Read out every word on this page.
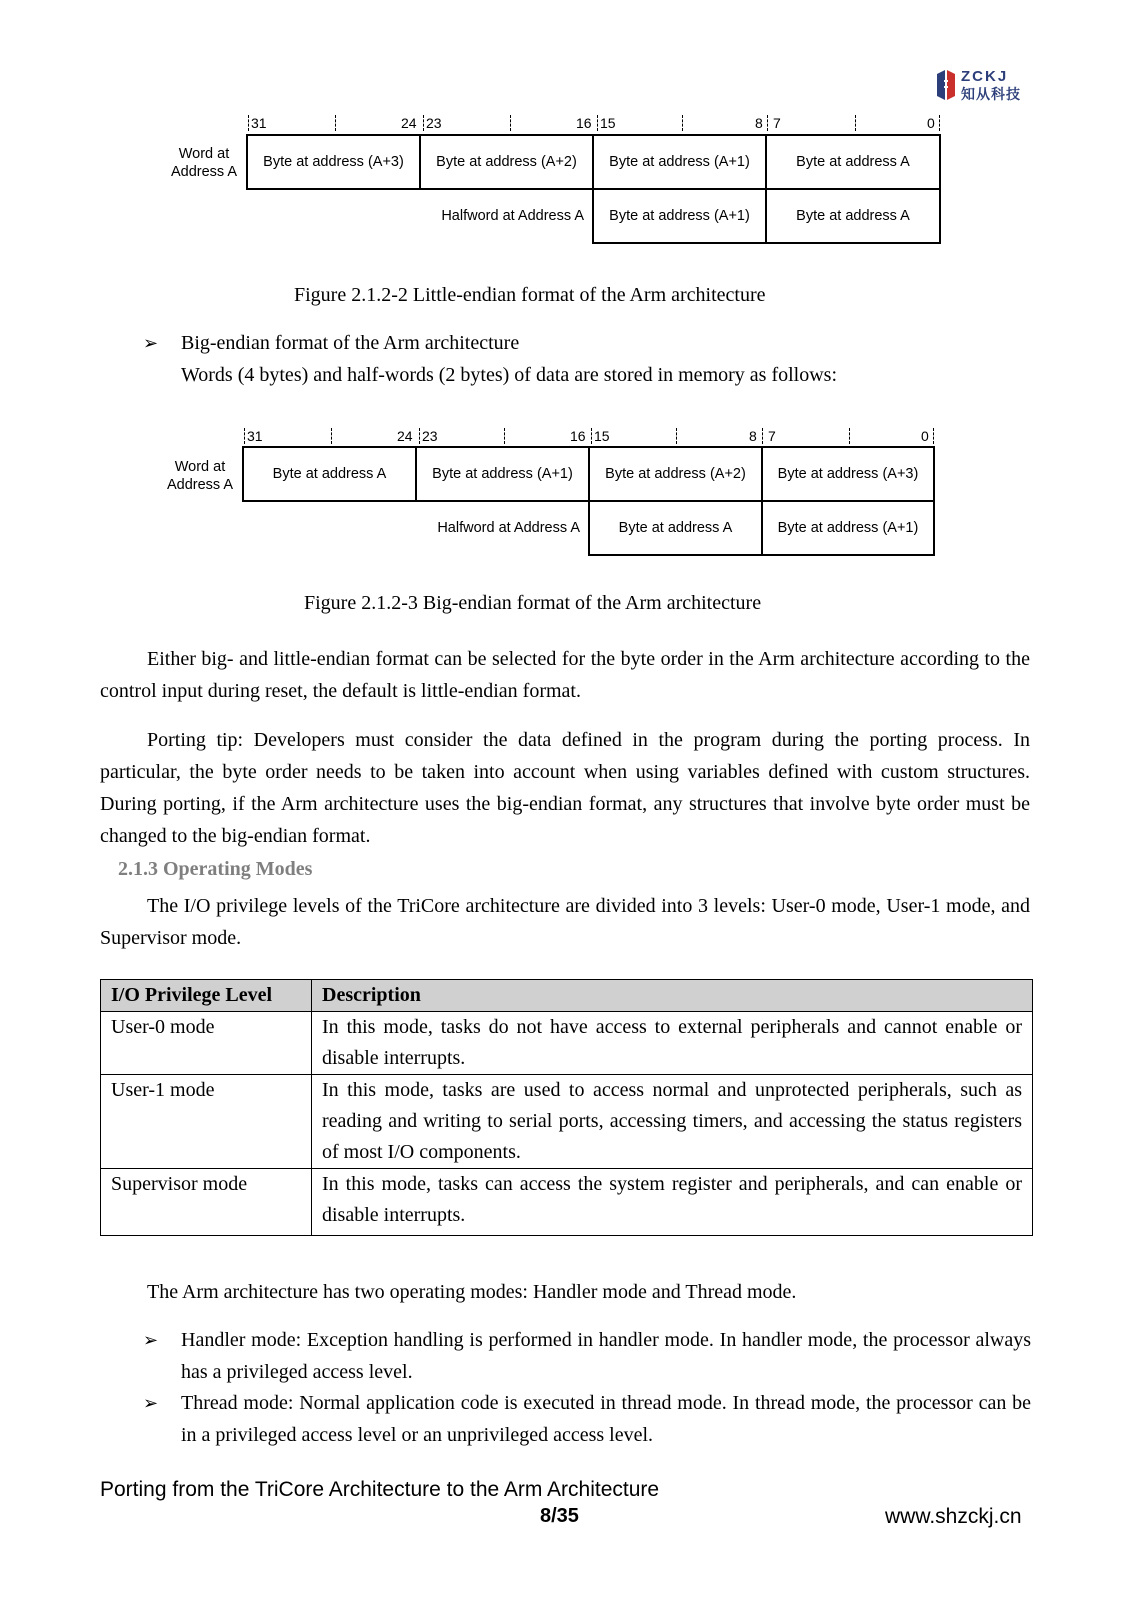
ZCKJ
知从科技
31	24 23	16 15	8 7	0
Word at
Address A
Byte at address (A+3)	Byte at address (A+2)	Byte at address (A+1)	Byte at address A
Halfword at Address A	Byte at address (A+1)	Byte at address A
Figure 2.1.2-2 Little-endian format of the Arm architecture
➢ Big-endian format of the Arm architecture
Words (4 bytes) and half-words (2 bytes) of data are stored in memory as follows:
31	24 23	16 15	8 7	0
Word at
Address A
Byte at address A	Byte at address (A+1)	Byte at address (A+2)	Byte at address (A+3)
Halfword at Address A	Byte at address A	Byte at address (A+1)
Figure 2.1.2-3 Big-endian format of the Arm architecture
Either big- and little-endian format can be selected for the byte order in the Arm architecture according to the control input during reset, the default is little-endian format.
Porting tip: Developers must consider the data defined in the program during the porting process. In particular, the byte order needs to be taken into account when using variables defined with custom structures. During porting, if the Arm architecture uses the big-endian format, any structures that involve byte order must be changed to the big-endian format.
2.1.3 Operating Modes
The I/O privilege levels of the TriCore architecture are divided into 3 levels: User-0 mode, User-1 mode, and Supervisor mode.
I/O Privilege Level	Description
User-0 mode	In this mode, tasks do not have access to external peripherals and cannot enable or disable interrupts.
User-1 mode	In this mode, tasks are used to access normal and unprotected peripherals, such as reading and writing to serial ports, accessing timers, and accessing the status registers of most I/O components.
Supervisor mode	In this mode, tasks can access the system register and peripherals, and can enable or disable interrupts.
The Arm architecture has two operating modes: Handler mode and Thread mode.
➢ Handler mode: Exception handling is performed in handler mode. In handler mode, the processor always has a privileged access level.
➢ Thread mode: Normal application code is executed in thread mode. In thread mode, the processor can be in a privileged access level or an unprivileged access level.
Porting from the TriCore Architecture to the Arm Architecture
8/35	www.shzckj.cn
